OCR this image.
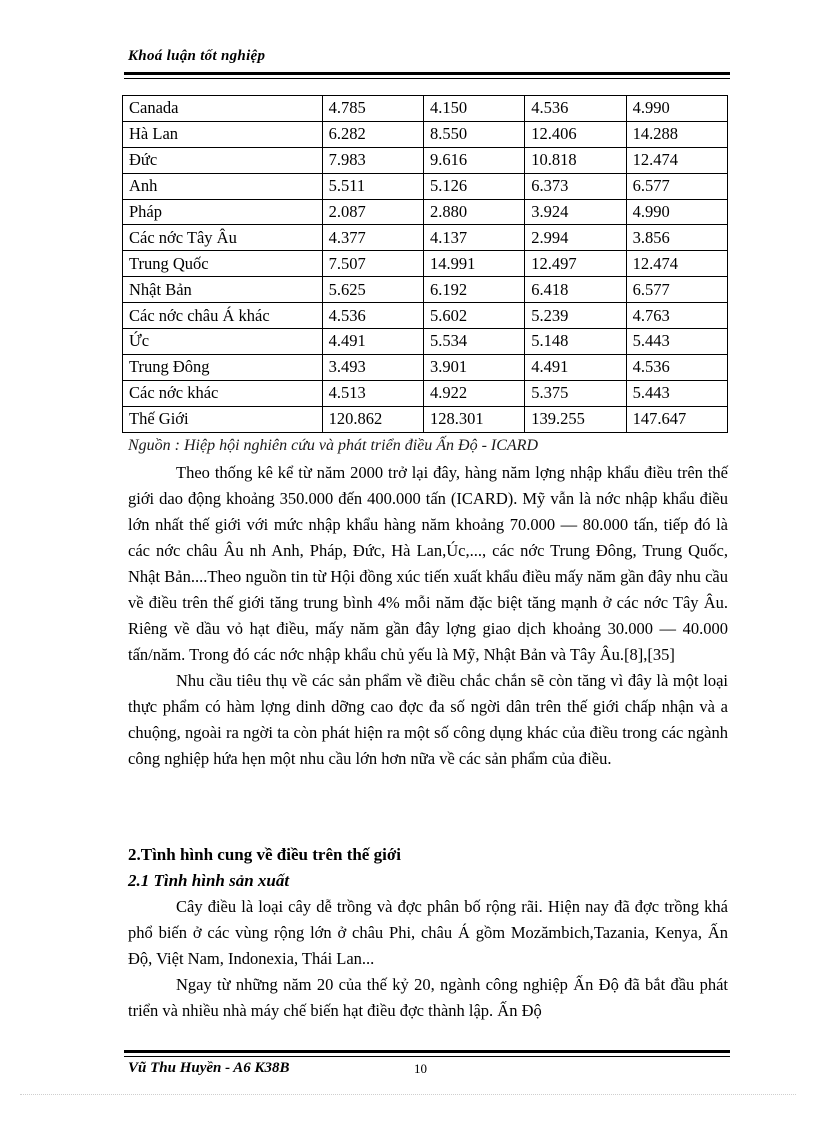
Khoá luận tốt nghiệp
Canada	4.785	4.150	4.536	4.990
Hà Lan	6.282	8.550	12.406	14.288
Đức	7.983	9.616	10.818	12.474
Anh	5.511	5.126	6.373	6.577
Pháp	2.087	2.880	3.924	4.990
Các nớc Tây Âu	4.377	4.137	2.994	3.856
Trung Quốc	7.507	14.991	12.497	12.474
Nhật Bản	5.625	6.192	6.418	6.577
Các nớc châu Á khác	4.536	5.602	5.239	4.763
Ức	4.491	5.534	5.148	5.443
Trung Đông	3.493	3.901	4.491	4.536
Các nớc khác	4.513	4.922	5.375	5.443
Thế Giới	120.862	128.301	139.255	147.647
Nguồn : Hiệp hội nghiên cứu và phát triển điều Ấn Độ - ICARD

Theo thống kê kể từ năm 2000 trở lại đây, hàng năm lợng nhập khẩu điều trên thế giới dao động khoảng 350.000 đến 400.000 tấn (ICARD). Mỹ vẫn là nớc nhập khẩu điều lớn nhất thế giới với mức nhập khẩu hàng năm khoảng 70.000 — 80.000 tấn, tiếp đó là các nớc châu Âu nh Anh, Pháp, Đức, Hà Lan,Úc,..., các nớc Trung Đông, Trung Quốc, Nhật Bản....Theo nguồn tin từ Hội đồng xúc tiến xuất khẩu điều mấy năm gần đây nhu cầu về điều trên thế giới tăng trung bình 4% mỗi năm đặc biệt tăng mạnh ở các nớc Tây Âu. Riêng về dầu vỏ hạt điều, mấy năm gần đây lợng giao dịch khoảng 30.000 — 40.000 tấn/năm. Trong đó các nớc nhập khẩu chủ yếu là Mỹ, Nhật Bản và Tây Âu.[8],[35]

Nhu cầu tiêu thụ về các sản phẩm về điều chắc chắn sẽ còn tăng vì đây là một loại thực phẩm có hàm lợng dinh dỡng cao đợc đa số ngời dân trên thế giới chấp nhận và a chuộng, ngoài ra ngời ta còn phát hiện ra một số công dụng khác của điều trong các ngành công nghiệp hứa hẹn một nhu cầu lớn hơn nữa về các sản phẩm của điều.

2.Tình hình cung về điều trên thế giới
2.1 Tình hình sản xuất

Cây điều là loại cây dễ trồng và đợc phân bố rộng rãi. Hiện nay đã đợc trồng khá phổ biến ở các vùng rộng lớn ở châu Phi, châu Á gồm Mozămbich,Tazania, Kenya, Ấn Độ, Việt Nam, Indonexia, Thái Lan...

Ngay từ những năm 20 của thế kỷ 20, ngành công nghiệp Ấn Độ đã bắt đầu phát triển và nhiều nhà máy chế biến hạt điều đợc thành lập. Ấn Độ

Vũ Thu Huyền - A6 K38B	10
